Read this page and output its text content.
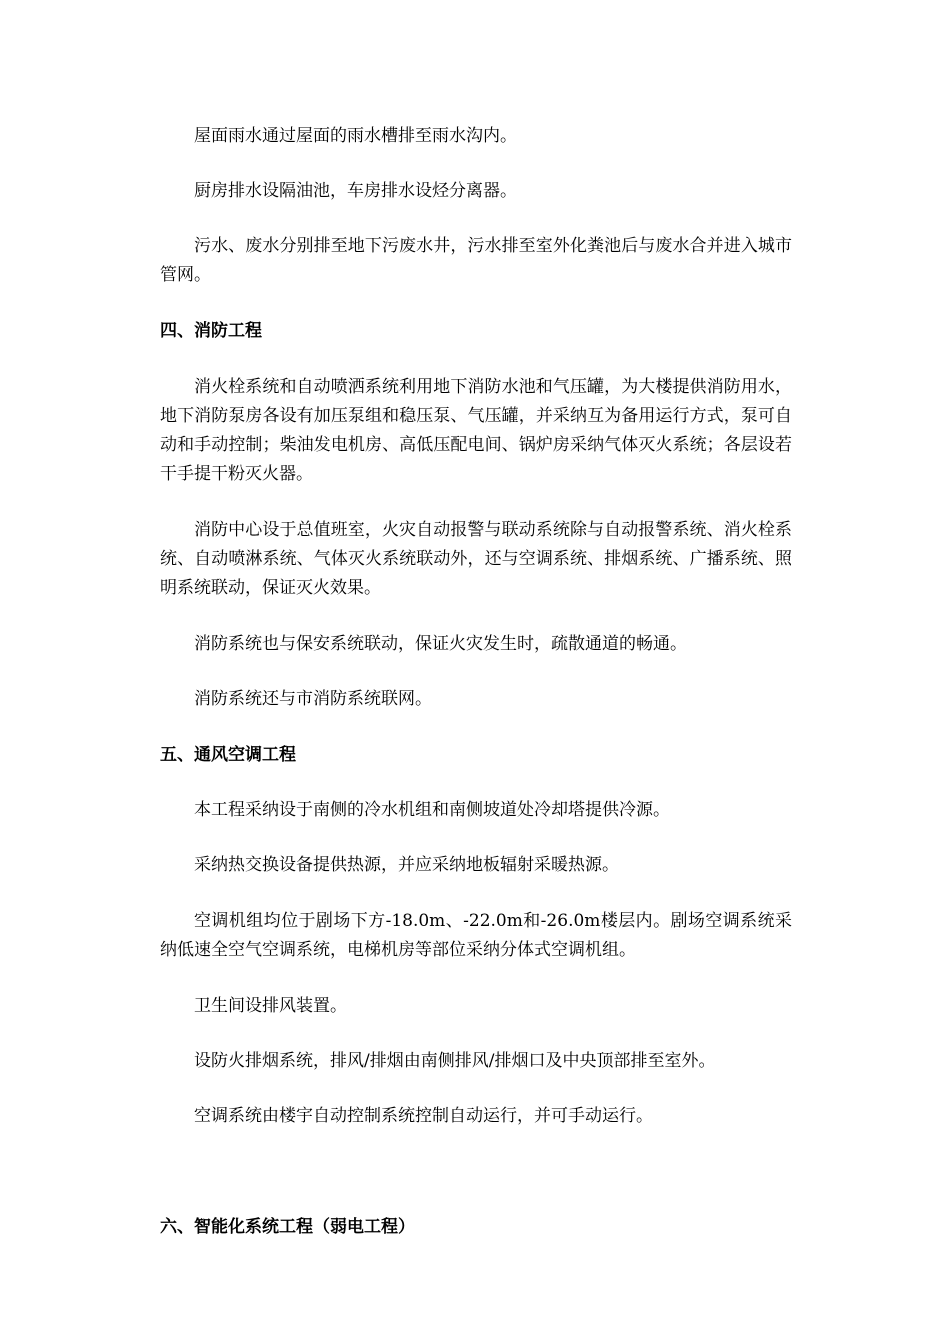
屋面雨水通过屋面的雨水槽排至雨水沟内。

厨房排水设隔油池，车房排水设烃分离器。

污水、废水分别排至地下污废水井，污水排至室外化粪池后与废水合并进入城市管网。

四、消防工程

消火栓系统和自动喷洒系统利用地下消防水池和气压罐，为大楼提供消防用水，地下消防泵房各设有加压泵组和稳压泵、气压罐，并采纳互为备用运行方式，泵可自动和手动控制；柴油发电机房、高低压配电间、锅炉房采纳气体灭火系统；各层设若干手提干粉灭火器。

消防中心设于总值班室，火灾自动报警与联动系统除与自动报警系统、消火栓系统、自动喷淋系统、气体灭火系统联动外，还与空调系统、排烟系统、广播系统、照明系统联动，保证灭火效果。

消防系统也与保安系统联动，保证火灾发生时，疏散通道的畅通。

消防系统还与市消防系统联网。

五、通风空调工程

本工程采纳设于南侧的冷水机组和南侧坡道处冷却塔提供冷源。

采纳热交换设备提供热源，并应采纳地板辐射采暖热源。

空调机组均位于剧场下方-18.0m、-22.0m和-26.0m楼层内。剧场空调系统采纳低速全空气空调系统，电梯机房等部位采纳分体式空调机组。

卫生间设排风装置。

设防火排烟系统，排风/排烟由南侧排风/排烟口及中央顶部排至室外。

空调系统由楼宇自动控制系统控制自动运行，并可手动运行。

六、智能化系统工程（弱电工程）
